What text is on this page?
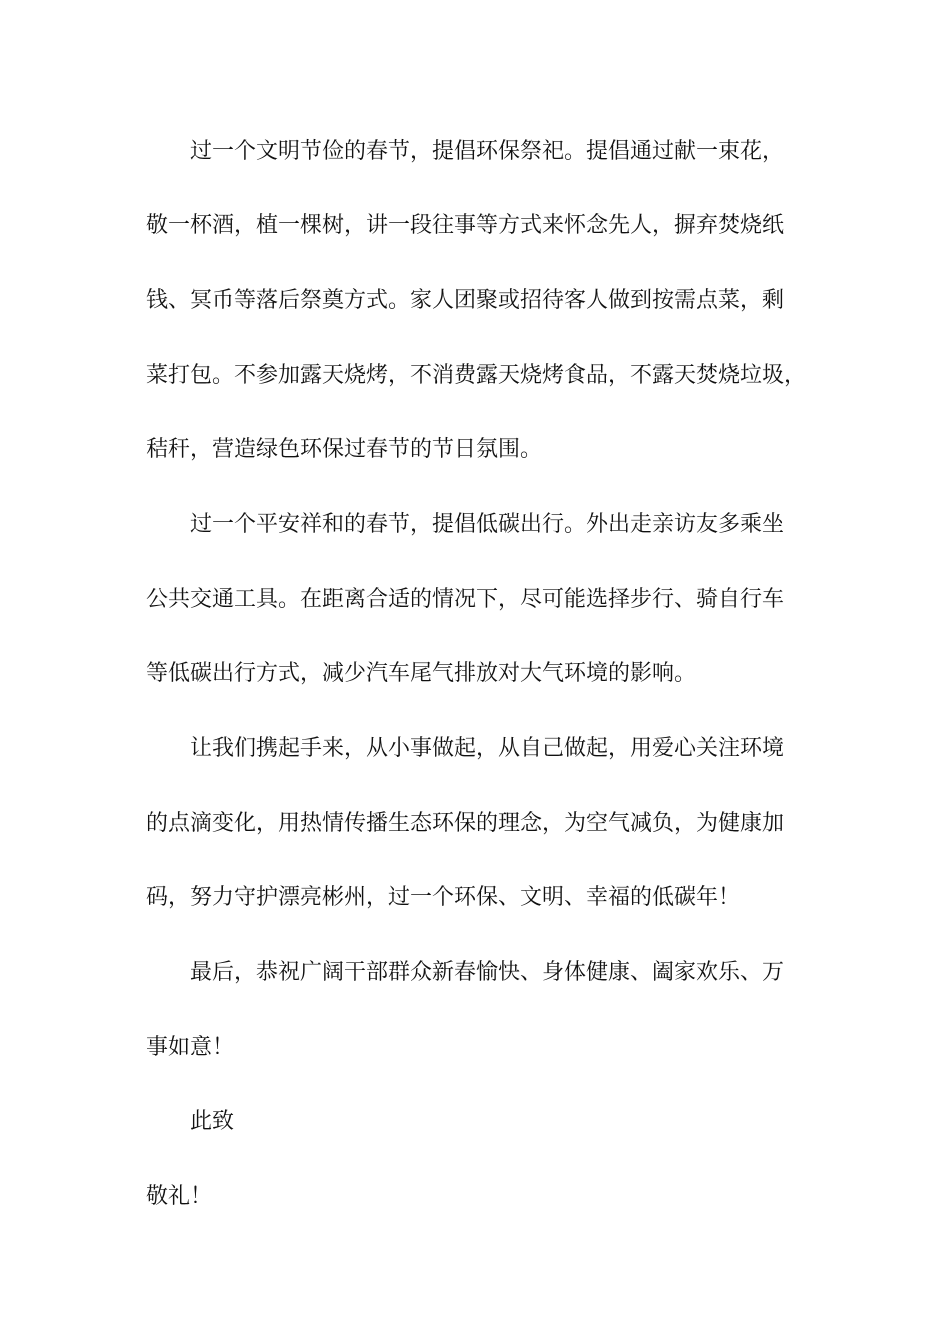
过一个文明节俭的春节，提倡环保祭祀。提倡通过献一束花，
敬一杯酒，植一棵树，讲一段往事等方式来怀念先人，摒弃焚烧纸
钱、冥币等落后祭奠方式。家人团聚或招待客人做到按需点菜，剩
菜打包。不参加露天烧烤，不消费露天烧烤食品，不露天焚烧垃圾，
秸秆，营造绿色环保过春节的节日氛围。
过一个平安祥和的春节，提倡低碳出行。外出走亲访友多乘坐
公共交通工具。在距离合适的情况下，尽可能选择步行、骑自行车
等低碳出行方式，减少汽车尾气排放对大气环境的影响。
让我们携起手来，从小事做起，从自己做起，用爱心关注环境
的点滴变化，用热情传播生态环保的理念，为空气减负，为健康加
码，努力守护漂亮彬州，过一个环保、文明、幸福的低碳年！
最后，恭祝广阔干部群众新春愉快、身体健康、阖家欢乐、万
事如意！
此致
敬礼！
